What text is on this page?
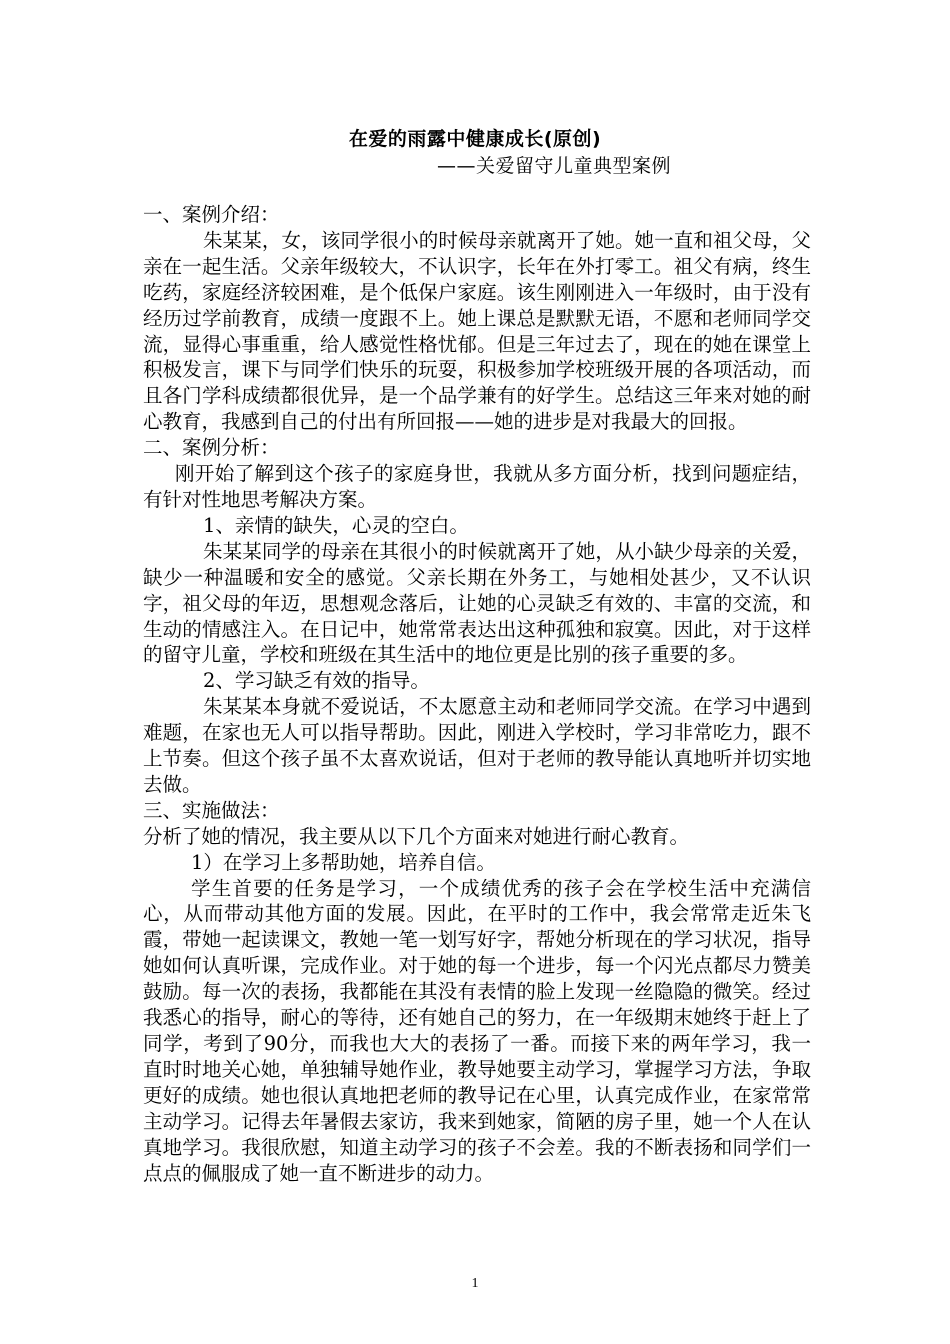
在爱的雨露中健康成长(原创)
——关爱留守儿童典型案例

一、案例介绍：

朱某某，女，该同学很小的时候母亲就离开了她。她一直和祖父母，父亲在一起生活。父亲年级较大，不认识字，长年在外打零工。祖父有病，终生吃药，家庭经济较困难，是个低保户家庭。该生刚刚进入一年级时，由于没有经历过学前教育，成绩一度跟不上。她上课总是默默无语，不愿和老师同学交流，显得心事重重，给人感觉性格忧郁。但是三年过去了，现在的她在课堂上积极发言，课下与同学们快乐的玩耍，积极参加学校班级开展的各项活动，而且各门学科成绩都很优异，是一个品学兼有的好学生。总结这三年来对她的耐心教育，我感到自己的付出有所回报——她的进步是对我最大的回报。

二、案例分析：

刚开始了解到这个孩子的家庭身世，我就从多方面分析，找到问题症结，有针对性地思考解决方案。

1、亲情的缺失，心灵的空白。

朱某某同学的母亲在其很小的时候就离开了她，从小缺少母亲的关爱，缺少一种温暖和安全的感觉。父亲长期在外务工，与她相处甚少，又不认识字，祖父母的年迈，思想观念落后，让她的心灵缺乏有效的、丰富的交流，和生动的情感注入。在日记中，她常常表达出这种孤独和寂寞。因此，对于这样的留守儿童，学校和班级在其生活中的地位更是比别的孩子重要的多。

2、学习缺乏有效的指导。

朱某某本身就不爱说话，不太愿意主动和老师同学交流。在学习中遇到难题，在家也无人可以指导帮助。因此，刚进入学校时，学习非常吃力，跟不上节奏。但这个孩子虽不太喜欢说话，但对于老师的教导能认真地听并切实地去做。

三、实施做法：

分析了她的情况，我主要从以下几个方面来对她进行耐心教育。

1）在学习上多帮助她，培养自信。

学生首要的任务是学习，一个成绩优秀的孩子会在学校生活中充满信心，从而带动其他方面的发展。因此，在平时的工作中，我会常常走近朱飞霞，带她一起读课文，教她一笔一划写好字，帮她分析现在的学习状况，指导她如何认真听课，完成作业。对于她的每一个进步，每一个闪光点都尽力赞美鼓励。每一次的表扬，我都能在其没有表情的脸上发现一丝隐隐的微笑。经过我悉心的指导，耐心的等待，还有她自己的努力，在一年级期末她终于赶上了同学，考到了90分，而我也大大的表扬了一番。而接下来的两年学习，我一直时时地关心她，单独辅导她作业，教导她要主动学习，掌握学习方法，争取更好的成绩。她也很认真地把老师的教导记在心里，认真完成作业，在家常常主动学习。记得去年暑假去家访，我来到她家，简陋的房子里，她一个人在认真地学习。我很欣慰，知道主动学习的孩子不会差。我的不断表扬和同学们一点点的佩服成了她一直不断进步的动力。

1
